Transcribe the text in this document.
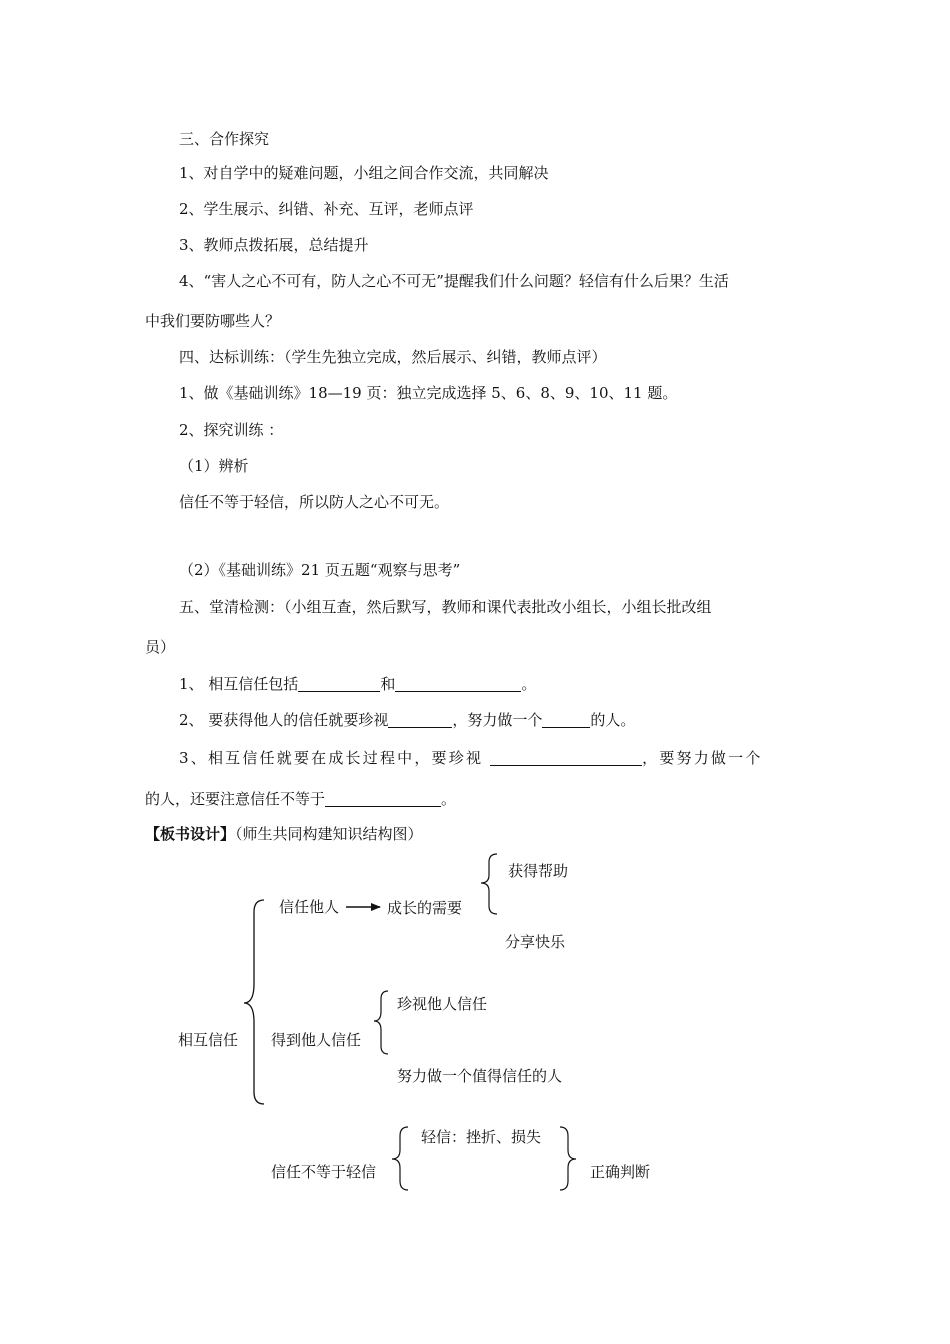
三、合作探究
1、对自学中的疑难问题，小组之间合作交流，共同解决
2、学生展示、纠错、补充、互评，老师点评
3、教师点拨拓展，总结提升
4、“害人之心不可有，防人之心不可无”提醒我们什么问题？轻信有什么后果？生活
中我们要防哪些人？
四、达标训练：（学生先独立完成，然后展示、纠错，教师点评）
1、做《基础训练》18—19 页：独立完成选择 5、6、8、9、10、11 题。
2、探究训练 ：
（1）辨析
信任不等于轻信，所以防人之心不可无。
（2）《基础训练》21 页五题“观察与思考”
五、堂清检测：（小组互查，然后默写，教师和课代表批改小组长，小组长批改组
员）
1、 相互信任包括	和	。
2、 要获得他人的信任就要珍视	，努力做一个	的人。
3、相互信任就要在成长过程中，要珍视	，要努力做一个
的人，还要注意信任不等于	。
【板书设计】（师生共同构建知识结构图）
获得帮助
信任他人	成长的需要
分享快乐
珍视他人信任
相互信任 得到他人信任
努力做一个值得信任的人
轻信：挫折、损失
信任不等于轻信	正确判断
